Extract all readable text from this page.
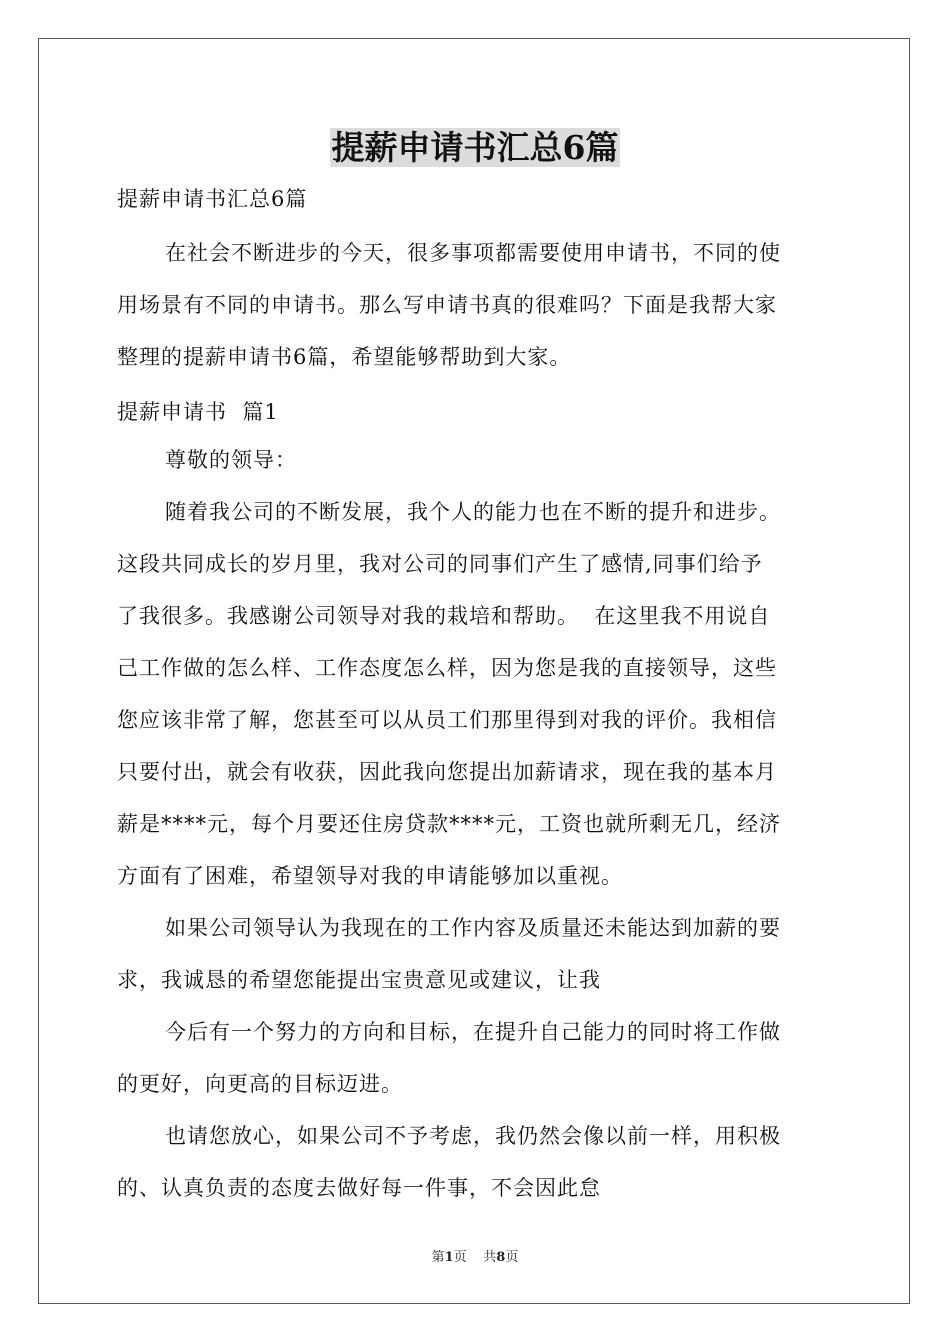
提薪申请书汇总6篇
提薪申请书汇总6篇
在社会不断进步的今天，很多事项都需要使用申请书，不同的使
用场景有不同的申请书。那么写申请书真的很难吗？下面是我帮大家
整理的提薪申请书6篇，希望能够帮助到大家。
提薪申请书  篇1
尊敬的领导：
随着我公司的不断发展，我个人的能力也在不断的提升和进步。
这段共同成长的岁月里，我对公司的同事们产生了感情,同事们给予
了我很多。我感谢公司领导对我的栽培和帮助。  在这里我不用说自
己工作做的怎么样、工作态度怎么样，因为您是我的直接领导，这些
您应该非常了解，您甚至可以从员工们那里得到对我的评价。我相信
只要付出，就会有收获，因此我向您提出加薪请求，现在我的基本月
薪是****元，每个月要还住房贷款****元，工资也就所剩无几，经济
方面有了困难，希望领导对我的申请能够加以重视。
如果公司领导认为我现在的工作内容及质量还未能达到加薪的要
求，我诚恳的希望您能提出宝贵意见或建议，让我
今后有一个努力的方向和目标，在提升自己能力的同时将工作做
的更好，向更高的目标迈进。
也请您放心，如果公司不予考虑，我仍然会像以前一样，用积极
的、认真负责的态度去做好每一件事，不会因此怠
第1页 共8页
